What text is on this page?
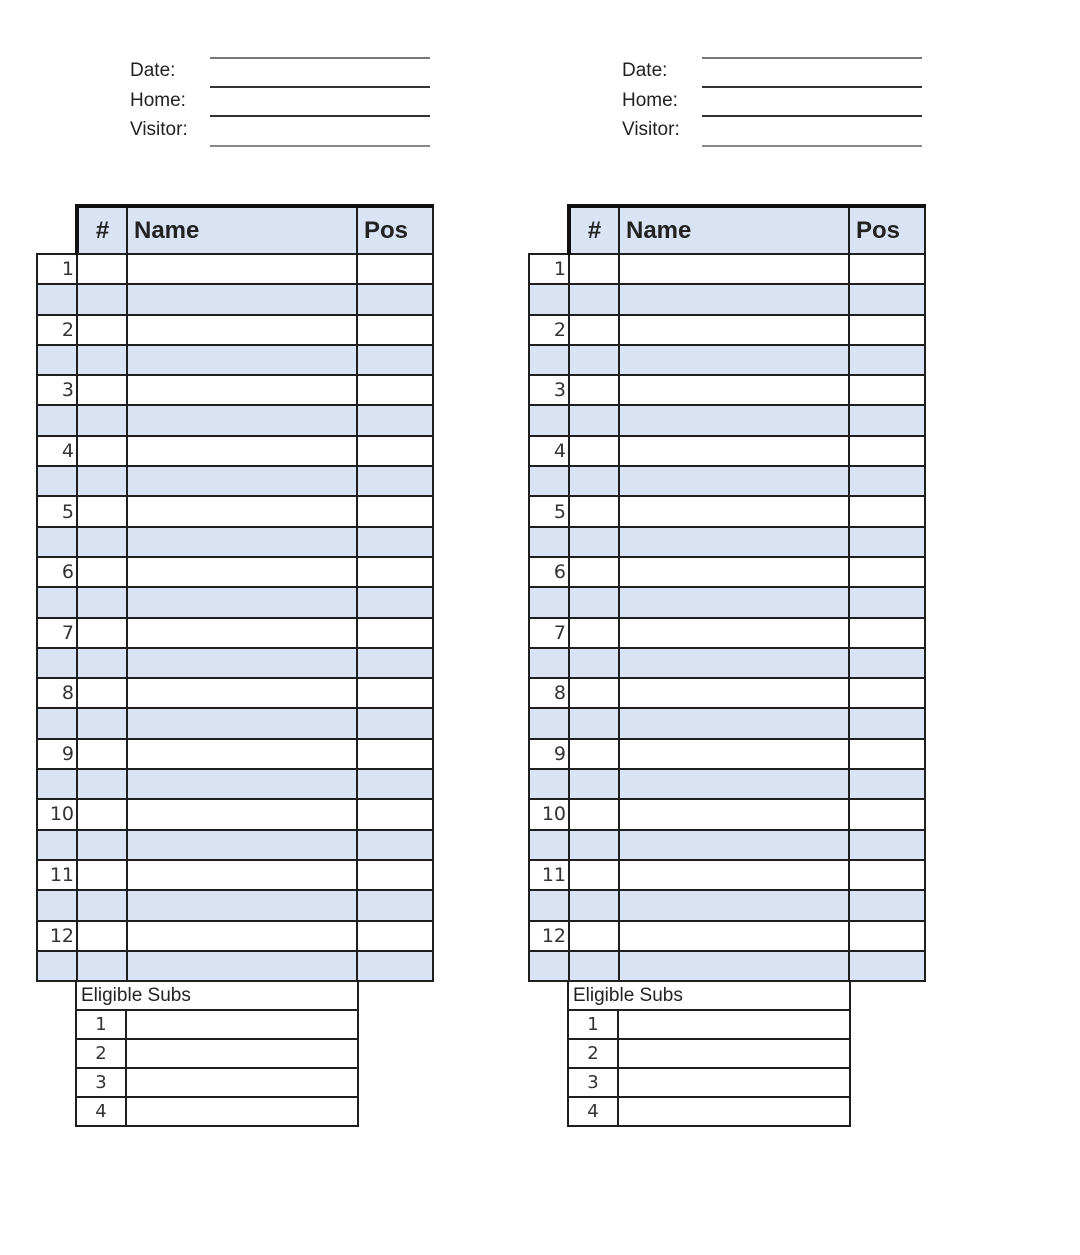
Date:
Home:
Visitor:
	#	Name	Pos
1			

2			

3			

4			

5			

6			

7			

8			

9			

10			

11			

12			

Eligible Subs	
1	
2	
3	
4	
Date:
Home:
Visitor:
	#	Name	Pos
1			

2			

3			

4			

5			

6			

7			

8			

9			

10			

11			

12			

Eligible Subs	
1	
2	
3	
4	
